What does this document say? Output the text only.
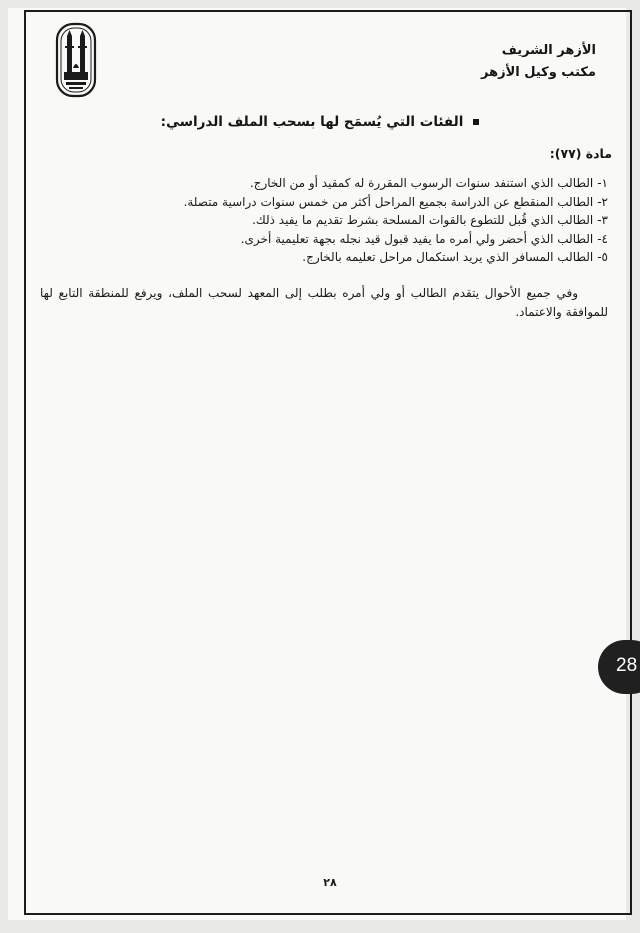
الأزهر الشريف
مكتب وكيل الأزهر
الفئات التي يُسمَح لها بسحب الملف الدراسي:
مادة (٧٧):
١-الطالب الذي استنفد سنوات الرسوب المقررة له كمقيد أو من الخارج.
٢-الطالب المنقطع عن الدراسة بجميع المراحل أكثر من خمس سنوات دراسية متصلة.
٣-الطالب الذي قُبل للتطوع بالقوات المسلحة بشرط تقديم ما يفيد ذلك.
٤-الطالب الذي أحضر ولي أمره ما يفيد قبول قيد نجله بجهة تعليمية أخرى.
٥-الطالب المسافر الذي يريد استكمال مراحل تعليمه بالخارج.
وفي جميع الأحوال يتقدم الطالب أو ولي أمره بطلب إلى المعهد لسحب الملف، ويرفع للمنطقة التابع لها للموافقة والاعتماد.
28
٢٨
